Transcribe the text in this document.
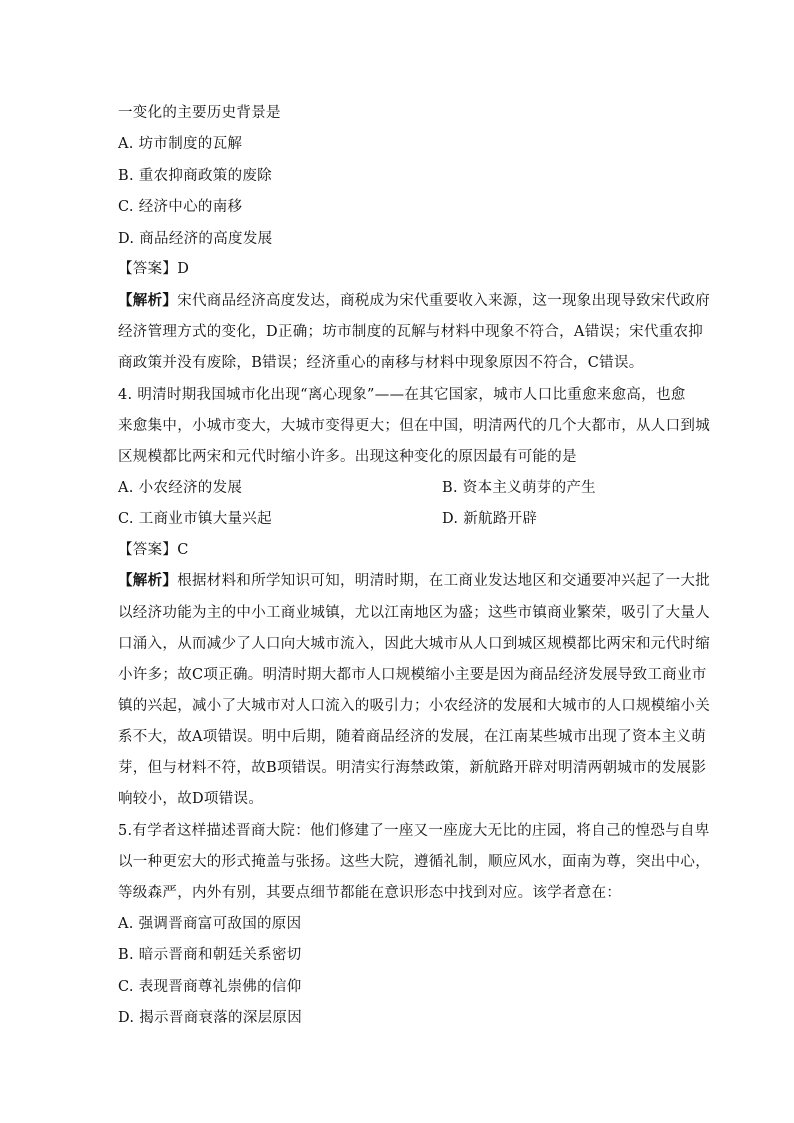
一变化的主要历史背景是
A. 坊市制度的瓦解
B. 重农抑商政策的废除
C. 经济中心的南移
D. 商品经济的高度发展
【答案】D
【解析】宋代商品经济高度发达，商税成为宋代重要收入来源，这一现象出现导致宋代政府
经济管理方式的变化，D正确；坊市制度的瓦解与材料中现象不符合，A错误；宋代重农抑
商政策并没有废除，B错误；经济重心的南移与材料中现象原因不符合，C错误。
4. 明清时期我国城市化出现“离心现象”——在其它国家，城市人口比重愈来愈高，也愈
来愈集中，小城市变大，大城市变得更大；但在中国，明清两代的几个大都市，从人口到城
区规模都比两宋和元代时缩小许多。出现这种变化的原因最有可能的是
A. 小农经济的发展	B. 资本主义萌芽的产生
C. 工商业市镇大量兴起	D. 新航路开辟
【答案】C
【解析】根据材料和所学知识可知，明清时期，在工商业发达地区和交通要冲兴起了一大批
以经济功能为主的中小工商业城镇，尤以江南地区为盛；这些市镇商业繁荣，吸引了大量人
口涌入，从而减少了人口向大城市流入，因此大城市从人口到城区规模都比两宋和元代时缩
小许多；故C项正确。明清时期大都市人口规模缩小主要是因为商品经济发展导致工商业市
镇的兴起，减小了大城市对人口流入的吸引力；小农经济的发展和大城市的人口规模缩小关
系不大，故A项错误。明中后期，随着商品经济的发展，在江南某些城市出现了资本主义萌
芽，但与材料不符，故B项错误。明清实行海禁政策，新航路开辟对明清两朝城市的发展影
响较小，故D项错误。
5.有学者这样描述晋商大院：他们修建了一座又一座庞大无比的庄园，将自己的惶恐与自卑
以一种更宏大的形式掩盖与张扬。这些大院，遵循礼制，顺应风水，面南为尊，突出中心，
等级森严，内外有别，其要点细节都能在意识形态中找到对应。该学者意在：
A. 强调晋商富可敌国的原因
B. 暗示晋商和朝廷关系密切
C. 表现晋商尊礼崇佛的信仰
D. 揭示晋商衰落的深层原因
